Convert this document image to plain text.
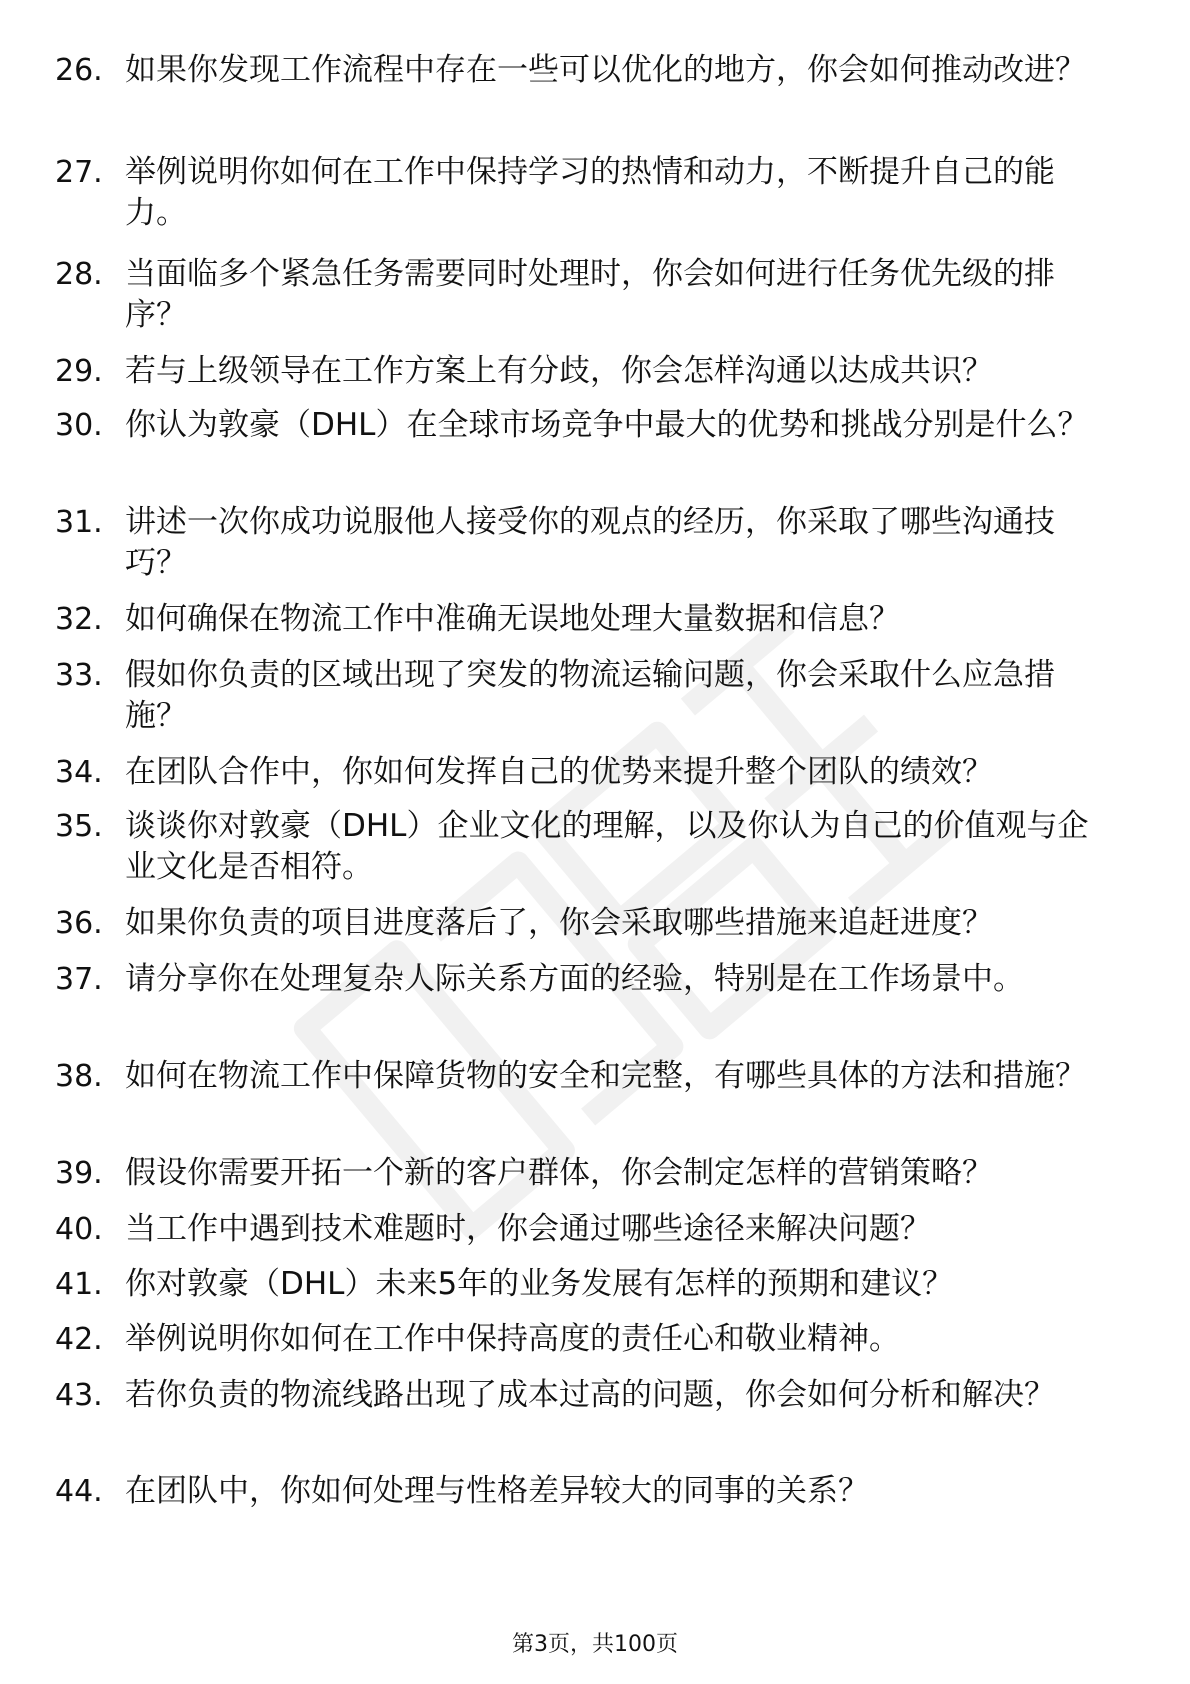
26. 如果你发现工作流程中存在一些可以优化的地方，你会如何推动改进？
27. 举例说明你如何在工作中保持学习的热情和动力，不断提升自己的能力。
28. 当面临多个紧急任务需要同时处理时，你会如何进行任务优先级的排序？
29. 若与上级领导在工作方案上有分歧，你会怎样沟通以达成共识？
30. 你认为敦豪（DHL）在全球市场竞争中最大的优势和挑战分别是什么？
31. 讲述一次你成功说服他人接受你的观点的经历，你采取了哪些沟通技巧？
32. 如何确保在物流工作中准确无误地处理大量数据和信息？
33. 假如你负责的区域出现了突发的物流运输问题，你会采取什么应急措施？
34. 在团队合作中，你如何发挥自己的优势来提升整个团队的绩效？
35. 谈谈你对敦豪（DHL）企业文化的理解，以及你认为自己的价值观与企业文化是否相符。
36. 如果你负责的项目进度落后了，你会采取哪些措施来追赶进度？
37. 请分享你在处理复杂人际关系方面的经验，特别是在工作场景中。
38. 如何在物流工作中保障货物的安全和完整，有哪些具体的方法和措施？
39. 假设你需要开拓一个新的客户群体，你会制定怎样的营销策略？
40. 当工作中遇到技术难题时，你会通过哪些途径来解决问题？
41. 你对敦豪（DHL）未来5年的业务发展有怎样的预期和建议？
42. 举例说明你如何在工作中保持高度的责任心和敬业精神。
43. 若你负责的物流线路出现了成本过高的问题，你会如何分析和解决？
44. 在团队中，你如何处理与性格差异较大的同事的关系？
第3页，共100页
